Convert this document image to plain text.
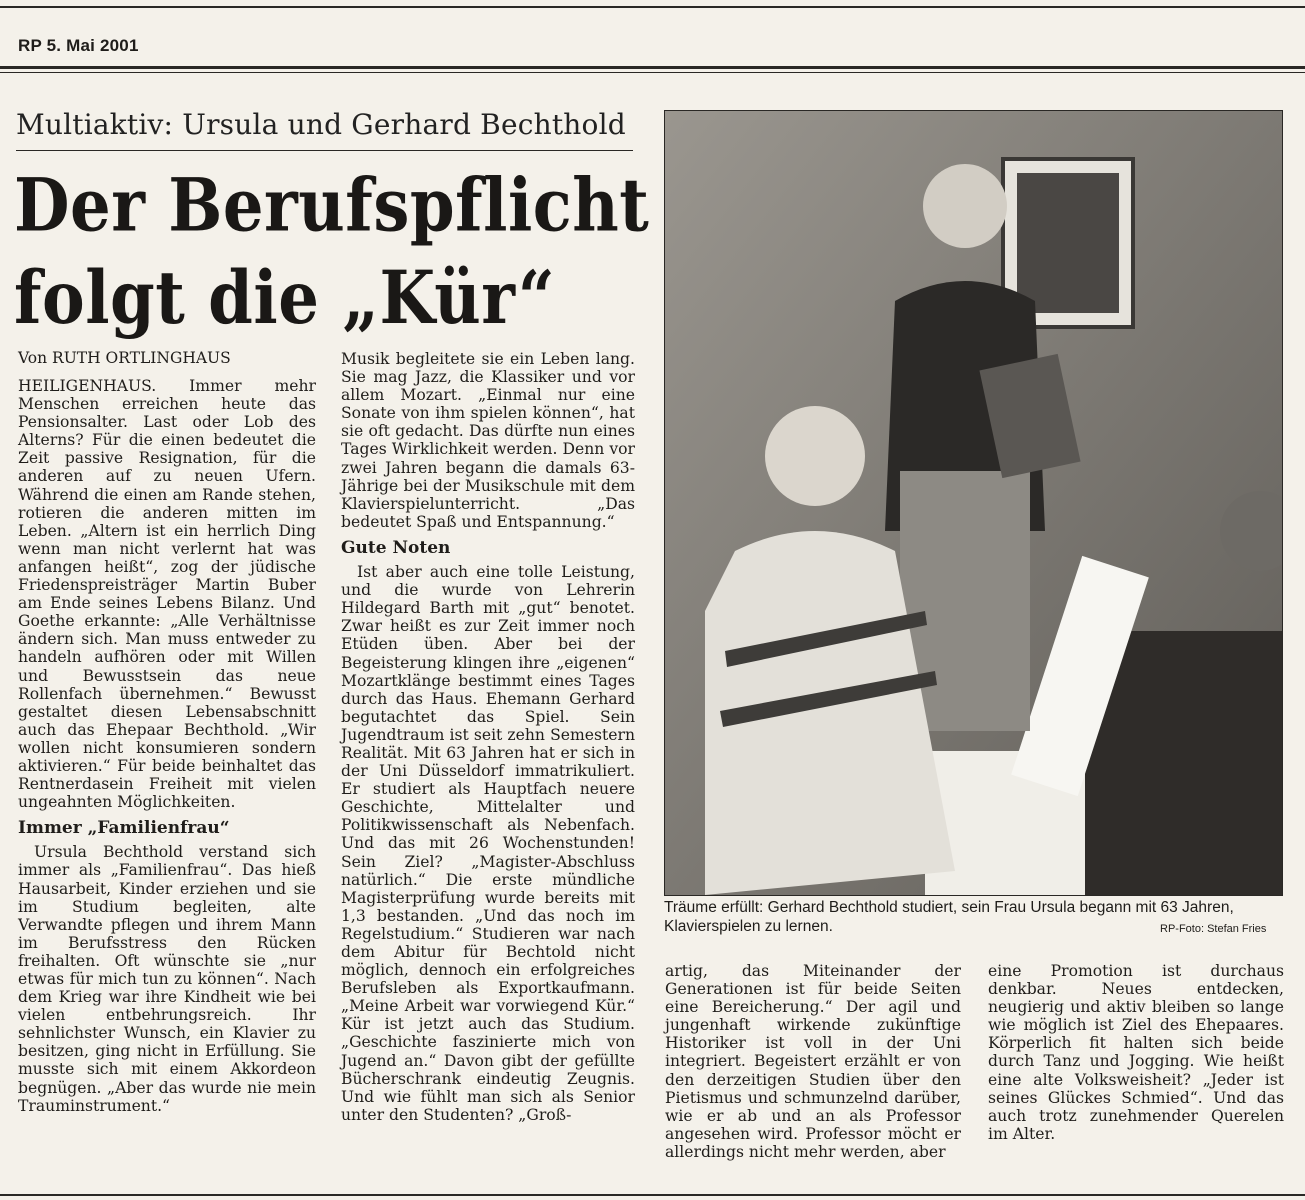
RP 5. Mai 2001
Multiaktiv: Ursula und Gerhard Bechthold
Der Berufspflicht
folgt die „Kür“
Von RUTH ORTLINGHAUS

HEILIGENHAUS. Immer mehr Menschen erreichen heute das Pensionsalter. Last oder Lob des Alterns? Für die einen bedeutet die Zeit passive Resignation, für die anderen auf zu neuen Ufern. Während die einen am Rande stehen, rotieren die anderen mitten im Leben. „Altern ist ein herrlich Ding wenn man nicht verlernt hat was anfangen heißt“, zog der jüdische Friedenspreisträger Martin Buber am Ende seines Lebens Bilanz. Und Goethe erkannte: „Alle Verhältnisse ändern sich. Man muss entweder zu handeln aufhören oder mit Willen und Bewusstsein das neue Rollenfach übernehmen.“ Bewusst gestaltet diesen Lebensabschnitt auch das Ehepaar Bechthold. „Wir wollen nicht konsumieren sondern aktivieren.“ Für beide beinhaltet das Rentnerdasein Freiheit mit vielen ungeahnten Möglichkeiten.

Immer „Familienfrau“

Ursula Bechthold verstand sich immer als „Familienfrau“. Das hieß Hausarbeit, Kinder erziehen und sie im Studium begleiten, alte Verwandte pflegen und ihrem Mann im Berufsstress den Rücken freihalten. Oft wünschte sie „nur etwas für mich tun zu können“. Nach dem Krieg war ihre Kindheit wie bei vielen entbehrungsreich. Ihr sehnlichster Wunsch, ein Klavier zu besitzen, ging nicht in Erfüllung. Sie musste sich mit einem Akkordeon begnügen. „Aber das wurde nie mein Trauminstrument.“

Musik begleitete sie ein Leben lang. Sie mag Jazz, die Klassiker und vor allem Mozart. „Einmal nur eine Sonate von ihm spielen können“, hat sie oft gedacht. Das dürfte nun eines Tages Wirklichkeit werden. Denn vor zwei Jahren begann die damals 63-Jährige bei der Musikschule mit dem Klavierspielunterricht. „Das bedeutet Spaß und Entspannung.“

Gute Noten

Ist aber auch eine tolle Leistung, und die wurde von Lehrerin Hildegard Barth mit „gut“ benotet. Zwar heißt es zur Zeit immer noch Etüden üben. Aber bei der Begeisterung klingen ihre „eigenen“ Mozartklänge bestimmt eines Tages durch das Haus. Ehemann Gerhard begutachtet das Spiel. Sein Jugendtraum ist seit zehn Semestern Realität. Mit 63 Jahren hat er sich in der Uni Düsseldorf immatrikuliert. Er studiert als Hauptfach neuere Geschichte, Mittelalter und Politikwissenschaft als Nebenfach. Und das mit 26 Wochenstunden! Sein Ziel? „Magister-Abschluss natürlich.“ Die erste mündliche Magisterprüfung wurde bereits mit 1,3 bestanden. „Und das noch im Regelstudium.“ Studieren war nach dem Abitur für Bechtold nicht möglich, dennoch ein erfolgreiches Berufsleben als Exportkaufmann. „Meine Arbeit war vorwiegend Kür.“ Kür ist jetzt auch das Studium. „Geschichte faszinierte mich von Jugend an.“ Davon gibt der gefüllte Bücherschrank eindeutig Zeugnis. Und wie fühlt man sich als Senior unter den Studenten? „Groß-

Träume erfüllt: Gerhard Bechthold studiert, sein Frau Ursula begann mit 63 Jahren, Klavierspielen zu lernen.	RP-Foto: Stefan Fries

artig, das Miteinander der Generationen ist für beide Seiten eine Bereicherung.“ Der agil und jungenhaft wirkende zukünftige Historiker ist voll in der Uni integriert. Begeistert erzählt er von den derzeitigen Studien über den Pietismus und schmunzelnd darüber, wie er ab und an als Professor angesehen wird. Professor möcht er allerdings nicht mehr werden, aber

eine Promotion ist durchaus denkbar. Neues entdecken, neugierig und aktiv bleiben so lange wie möglich ist Ziel des Ehepaares. Körperlich fit halten sich beide durch Tanz und Jogging. Wie heißt eine alte Volksweisheit? „Jeder ist seines Glückes Schmied“. Und das auch trotz zunehmender Querelen im Alter.
